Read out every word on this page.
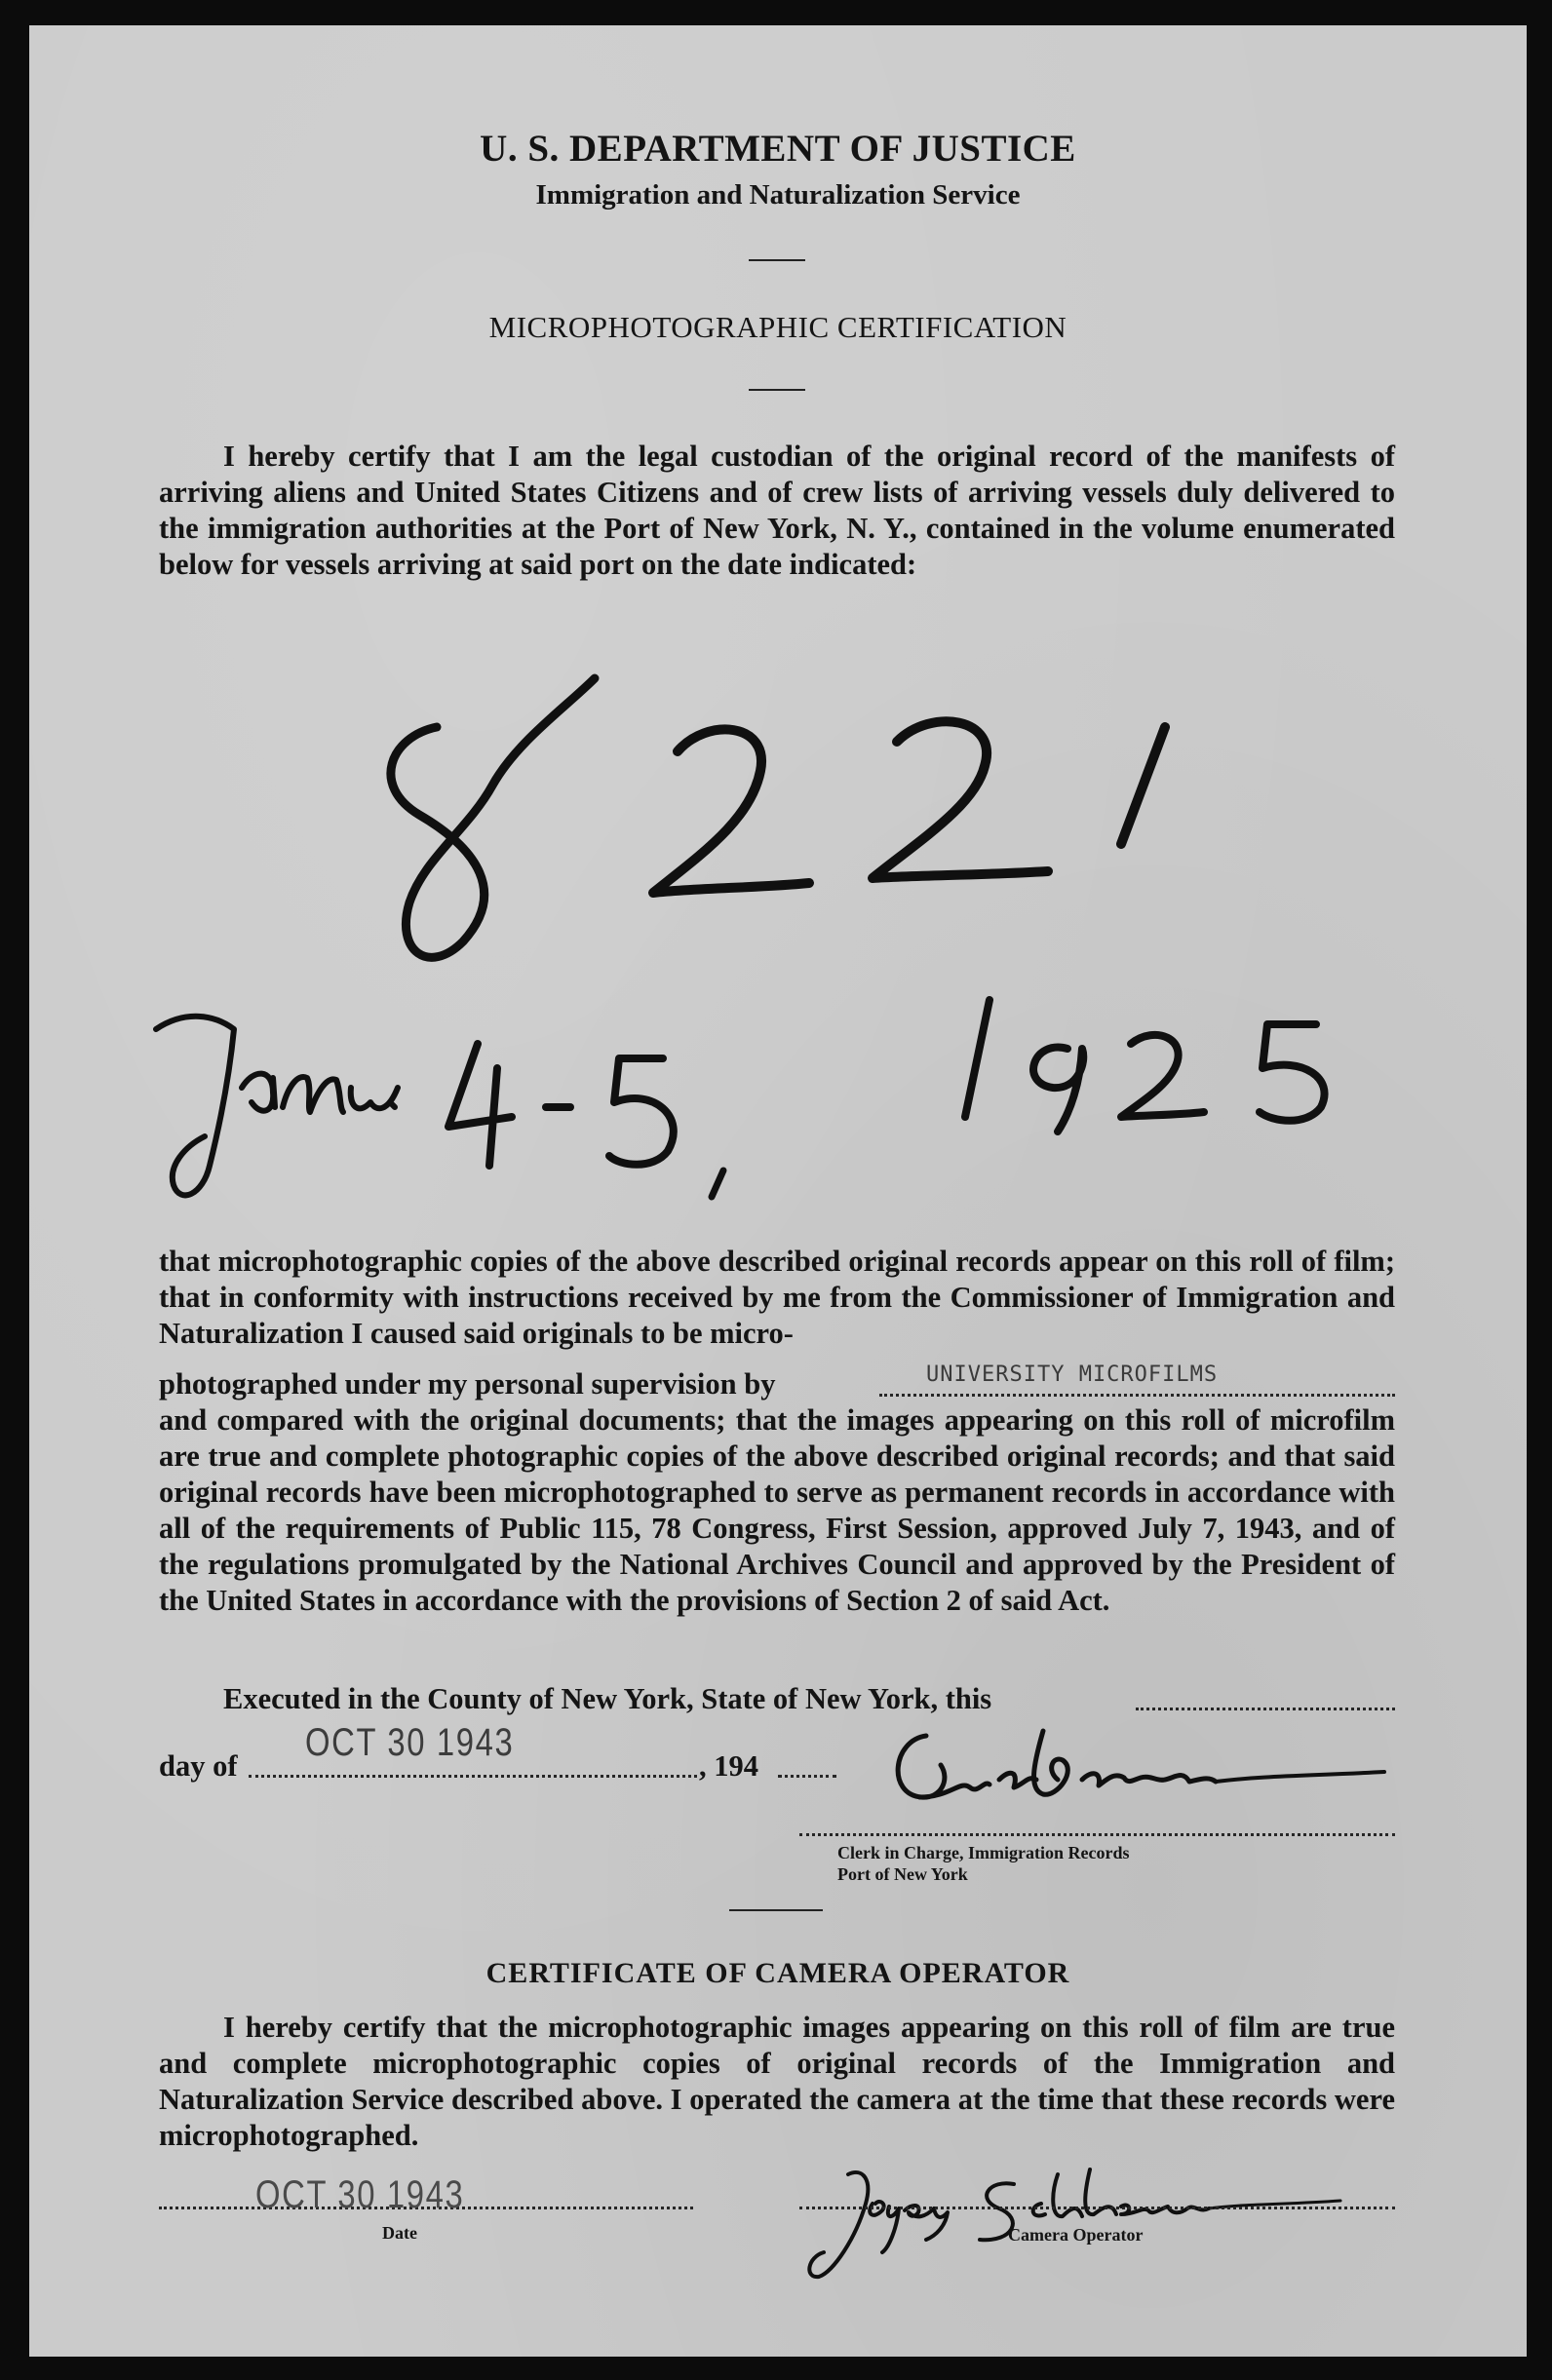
U. S. DEPARTMENT OF JUSTICE
Immigration and Naturalization Service
MICROPHOTOGRAPHIC CERTIFICATION
I hereby certify that I am the legal custodian of the original record of the manifests of arriving aliens and United States Citizens and of crew lists of arriving vessels duly delivered to the immigration authorities at the Port of New York, N. Y., contained in the volume enumerated below for vessels arriving at said port on the date indicated:
that microphotographic copies of the above described original records appear on this roll of film; that in conformity with instructions received by me from the Commissioner of Immigration and Naturalization I caused said originals to be micro-
photographed under my personal supervision by	UNIVERSITY MICROFILMS
and compared with the original documents; that the images appearing on this roll of microfilm are true and complete photographic copies of the above described original records; and that said original records have been microphotographed to serve as permanent records in accordance with all of the requirements of Public 115, 78 Congress, First Session, approved July 7, 1943, and of the regulations promulgated by the National Archives Council and approved by the President of the United States in accordance with the provisions of Section 2 of said Act.
Executed in the County of New York, State of New York, this
day of
OCT 30 1943
, 194
Clerk in Charge, Immigration Records
Port of New York
CERTIFICATE OF CAMERA OPERATOR
I hereby certify that the microphotographic images appearing on this roll of film are true and complete microphotographic copies of original records of the Immigration and Naturalization Service described above. I operated the camera at the time that these records were microphotographed.
OCT 30 1943
Date	Camera Operator
